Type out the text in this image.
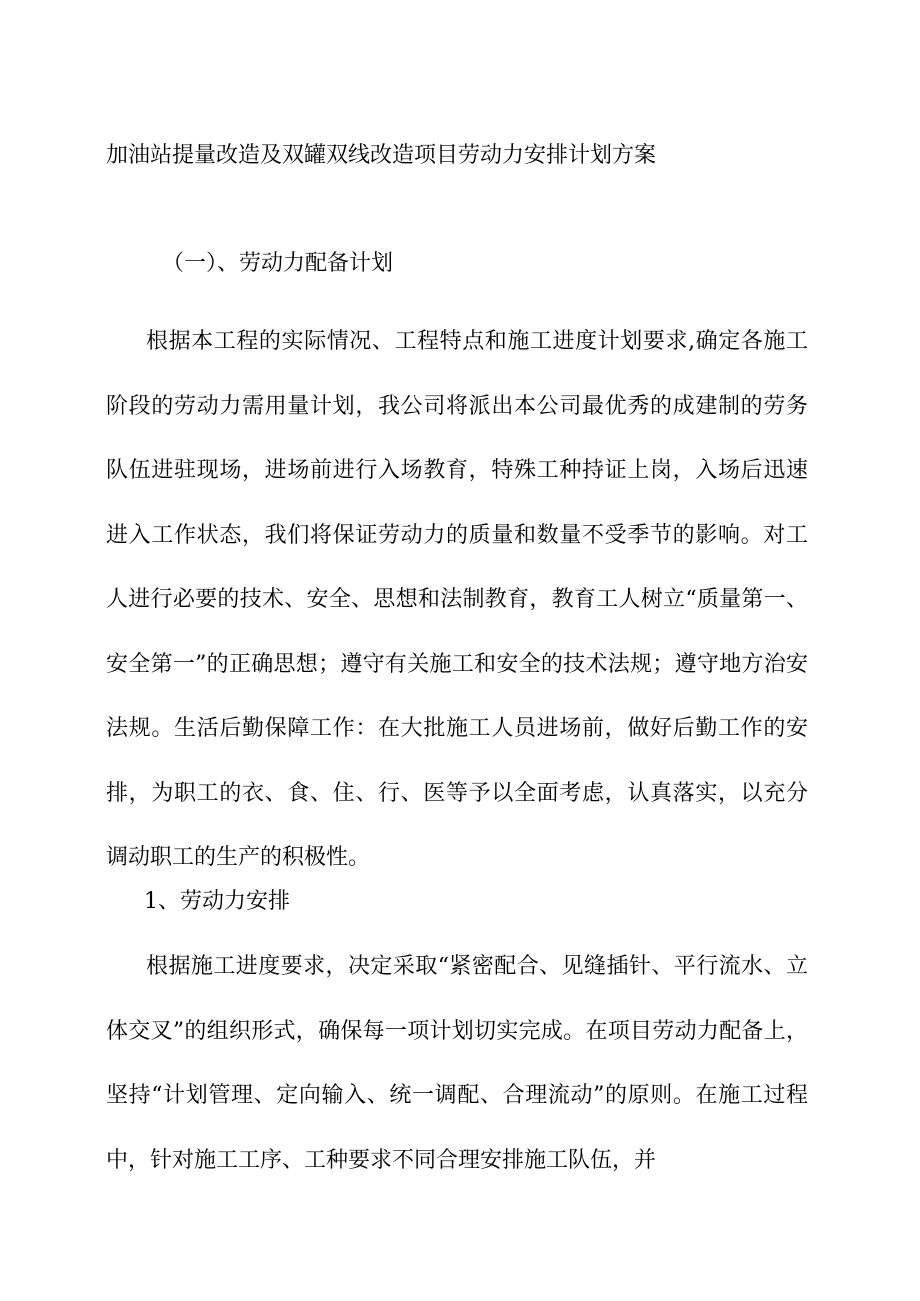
加油站提量改造及双罐双线改造项目劳动力安排计划方案
（一）、劳动力配备计划

根据本工程的实际情况、工程特点和施工进度计划要求,确定各施工阶段的劳动力需用量计划，我公司将派出本公司最优秀的成建制的劳务队伍进驻现场，进场前进行入场教育，特殊工种持证上岗，入场后迅速进入工作状态，我们将保证劳动力的质量和数量不受季节的影响。对工人进行必要的技术、安全、思想和法制教育，教育工人树立“质量第一、安全第一”的正确思想；遵守有关施工和安全的技术法规；遵守地方治安法规。生活后勤保障工作：在大批施工人员进场前，做好后勤工作的安排，为职工的衣、食、住、行、医等予以全面考虑，认真落实，以充分调动职工的生产的积极性。

1、劳动力安排

根据施工进度要求，决定采取“紧密配合、见缝插针、平行流水、立体交叉”的组织形式，确保每一项计划切实完成。在项目劳动力配备上，坚持“计划管理、定向输入、统一调配、合理流动”的原则。在施工过程中，针对施工工序、工种要求不同合理安排施工队伍，并
